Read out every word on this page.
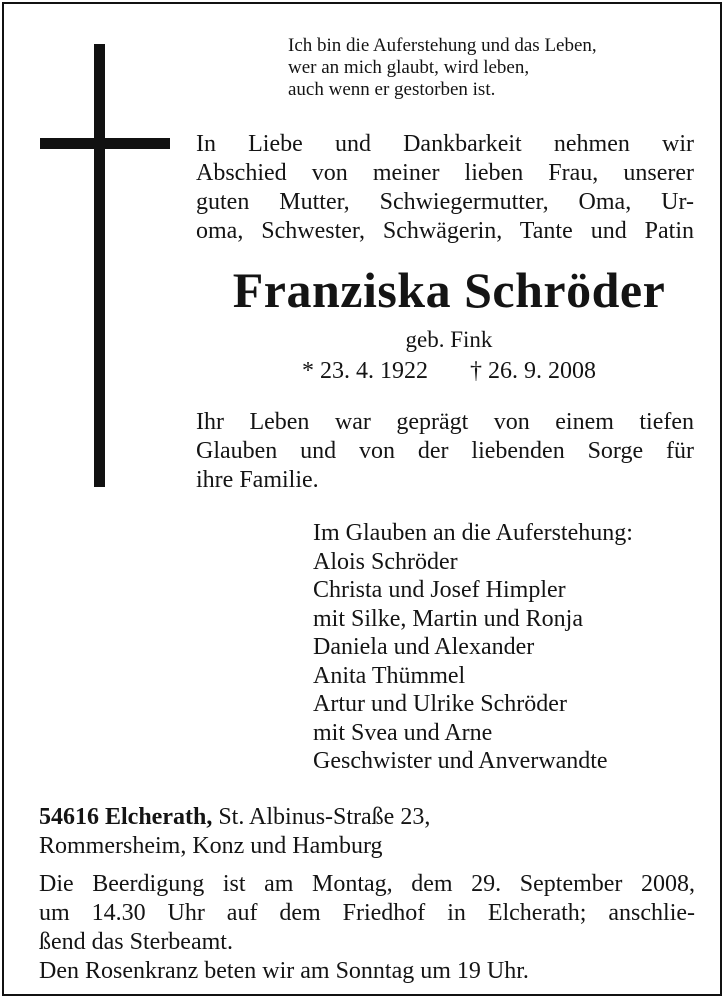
Ich bin die Auferstehung und das Leben,
wer an mich glaubt, wird leben,
auch wenn er gestorben ist.
In Liebe und Dankbarkeit nehmen wir
Abschied von meiner lieben Frau, unserer
guten Mutter, Schwiegermutter, Oma, Ur-
oma, Schwester, Schwägerin, Tante und Patin
Franziska Schröder
geb. Fink
* 23. 4. 1922       † 26. 9. 2008
Ihr Leben war geprägt von einem tiefen
Glauben und von der liebenden Sorge für
ihre Familie.
Im Glauben an die Auferstehung:
Alois Schröder
Christa und Josef Himpler
mit Silke, Martin und Ronja
Daniela und Alexander
Anita Thümmel
Artur und Ulrike Schröder
mit Svea und Arne
Geschwister und Anverwandte
54616 Elcherath, St. Albinus-Straße 23,
Rommersheim, Konz und Hamburg
Die Beerdigung ist am Montag, dem 29. September 2008,
um 14.30 Uhr auf dem Friedhof in Elcherath; anschlie-
ßend das Sterbeamt.
Den Rosenkranz beten wir am Sonntag um 19 Uhr.
